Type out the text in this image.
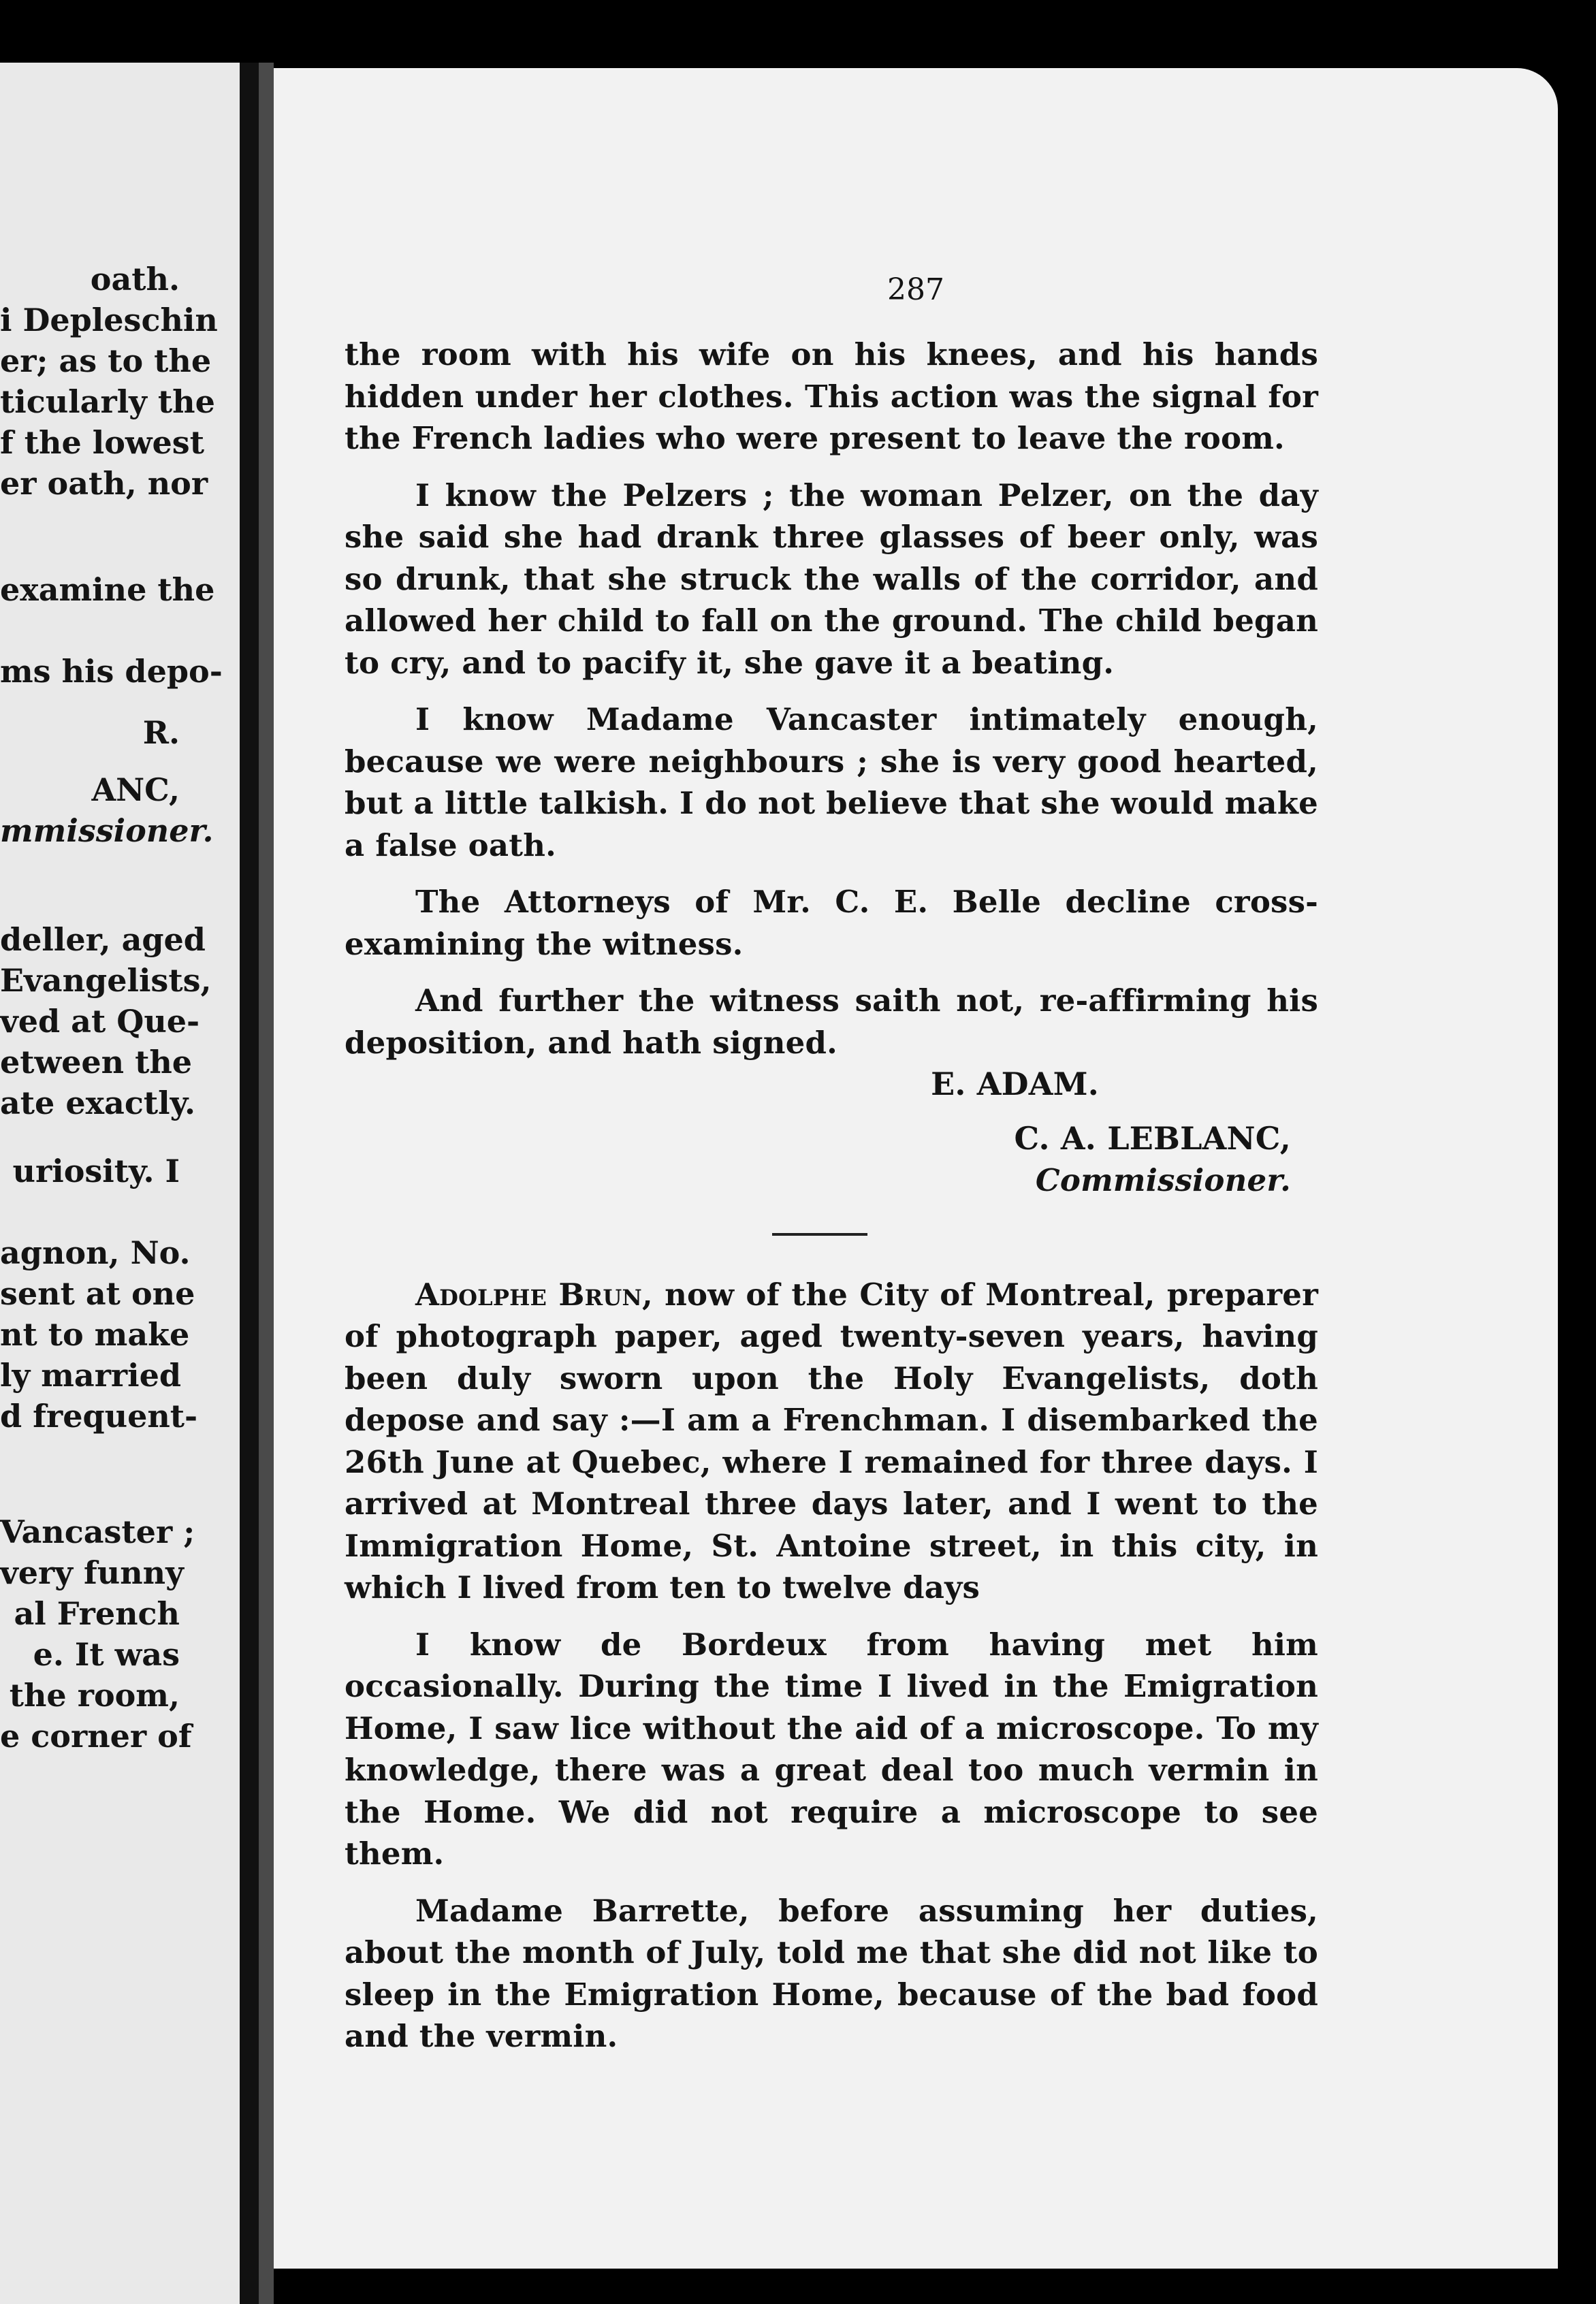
oath.
i Depleschin
er; as to the
ticularly the
f the lowest
er oath, nor
examine the
ms his depo-
R.
ANC,
mmissioner.
deller, aged
Evangelists,
ved at Que-
etween the
ate exactly.
uriosity. I
agnon, No.
sent at one
nt to make
ly married
d frequent-
Vancaster ;
very funny
al French
e. It was
the room,
e corner of
287

the room with his wife on his knees, and his hands hidden under her clothes. This action was the signal for the French ladies who were present to leave the room.

I know the Pelzers ; the woman Pelzer, on the day she said she had drank three glasses of beer only, was so drunk, that she struck the walls of the corridor, and allowed her child to fall on the ground. The child began to cry, and to pacify it, she gave it a beating.

I know Madame Vancaster intimately enough, because we were neighbours ; she is very good hearted, but a little talkish. I do not believe that she would make a false oath.

The Attorneys of Mr. C. E. Belle decline cross-examining the witness.

And further the witness saith not, re-affirming his deposition, and hath signed.

E. ADAM.

C. A. LEBLANC,

Commissioner.

Adolphe Brun, now of the City of Montreal, preparer of photograph paper, aged twenty-seven years, having been duly sworn upon the Holy Evangelists, doth depose and say :—I am a Frenchman. I disembarked the 26th June at Quebec, where I remained for three days. I arrived at Montreal three days later, and I went to the Immigration Home, St. Antoine street, in this city, in which I lived from ten to twelve days

I know de Bordeux from having met him occasionally. During the time I lived in the Emigration Home, I saw lice without the aid of a microscope. To my knowledge, there was a great deal too much vermin in the Home. We did not require a microscope to see them.

Madame Barrette, before assuming her duties, about the month of July, told me that she did not like to sleep in the Emigration Home, because of the bad food and the vermin.
